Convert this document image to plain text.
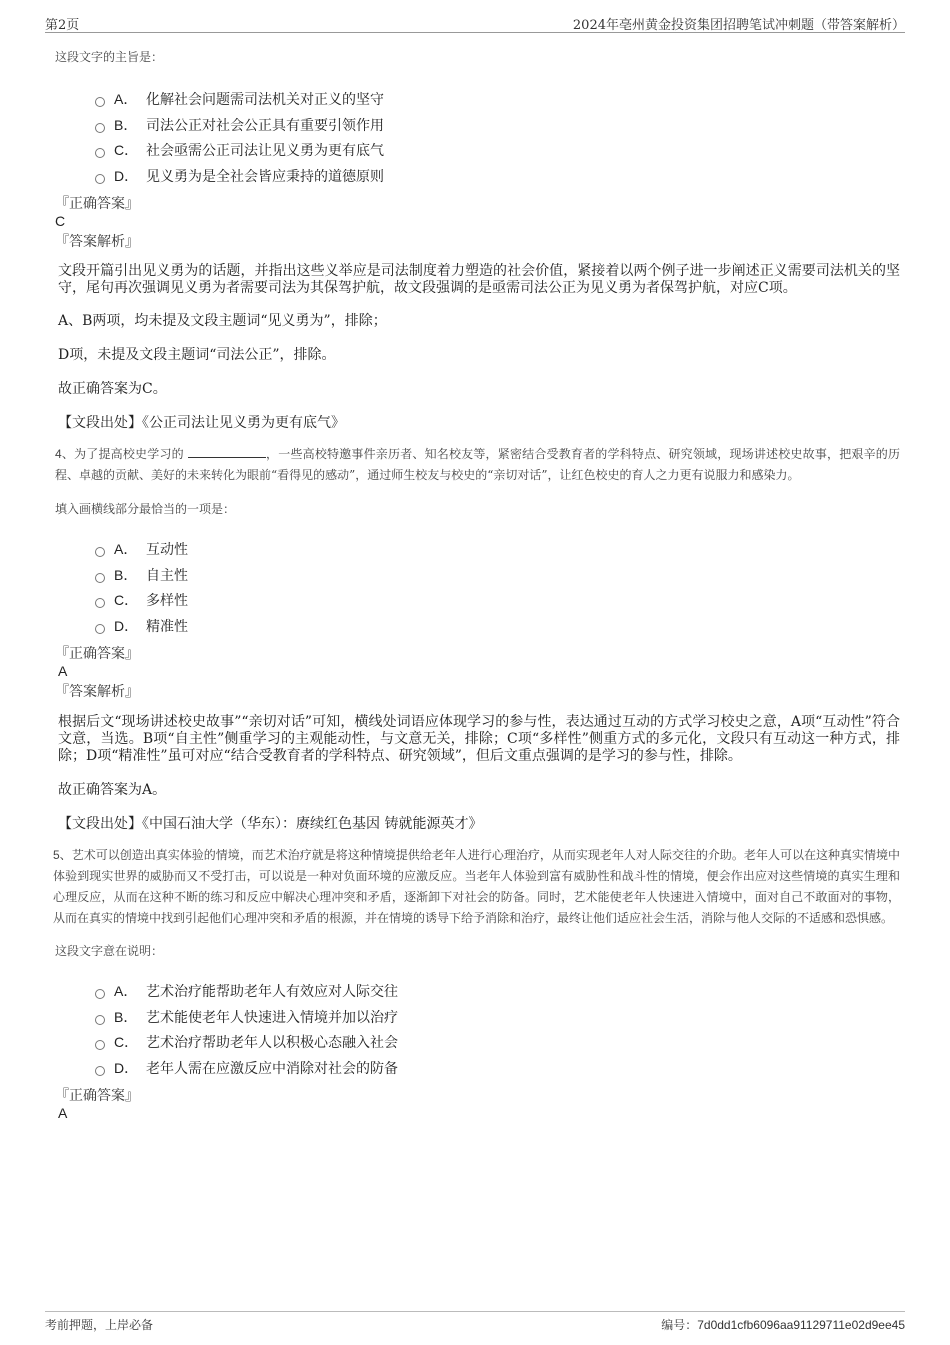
第2页	2024年亳州黄金投资集团招聘笔试冲刺题（带答案解析）

这段文字的主旨是：

A． 化解社会问题需司法机关对正义的坚守
B． 司法公正对社会公正具有重要引领作用
C． 社会亟需公正司法让见义勇为更有底气
D． 见义勇为是全社会皆应秉持的道德原则

『正确答案』

C

『答案解析』

文段开篇引出见义勇为的话题，并指出这些义举应是司法制度着力塑造的社会价值，紧接着以两个例子进一步阐述正义需要司法机关的坚守，尾句再次强调见义勇为者需要司法为其保驾护航，故文段强调的是亟需司法公正为见义勇为者保驾护航，对应C项。

A、B两项，均未提及文段主题词“见义勇为”，排除；

D项，未提及文段主题词“司法公正”，排除。

故正确答案为C。

【文段出处】《公正司法让见义勇为更有底气》

4、为了提高校史学习的	，一些高校特邀事件亲历者、知名校友等，紧密结合受教育者的学科特点、研究领域，现场讲述校史故事，把艰辛的历程、卓越的贡献、美好的未来转化为眼前“看得见的感动”，通过师生校友与校史的“亲切对话”，让红色校史的育人之力更有说服力和感染力。

填入画横线部分最恰当的一项是：

A． 互动性
B． 自主性
C． 多样性
D． 精准性

『正确答案』

A

『答案解析』

根据后文“现场讲述校史故事”“亲切对话”可知，横线处词语应体现学习的参与性，表达通过互动的方式学习校史之意，A项“互动性”符合文意，当选。B项“自主性”侧重学习的主观能动性，与文意无关，排除；C项“多样性”侧重方式的多元化，文段只有互动这一种方式，排除；D项“精准性”虽可对应“结合受教育者的学科特点、研究领域”，但后文重点强调的是学习的参与性，排除。

故正确答案为A。

【文段出处】《中国石油大学（华东）：赓续红色基因 铸就能源英才》

5、艺术可以创造出真实体验的情境，而艺术治疗就是将这种情境提供给老年人进行心理治疗，从而实现老年人对人际交往的介助。老年人可以在这种真实情境中体验到现实世界的威胁而又不受打击，可以说是一种对负面环境的应激反应。当老年人体验到富有威胁性和战斗性的情境，便会作出应对这些情境的真实生理和心理反应，从而在这种不断的练习和反应中解决心理冲突和矛盾，逐渐卸下对社会的防备。同时，艺术能使老年人快速进入情境中，面对自己不敢面对的事物，从而在真实的情境中找到引起他们心理冲突和矛盾的根源，并在情境的诱导下给予消除和治疗，最终让他们适应社会生活，消除与他人交际的不适感和恐惧感。

这段文字意在说明：

A． 艺术治疗能帮助老年人有效应对人际交往
B． 艺术能使老年人快速进入情境并加以治疗
C． 艺术治疗帮助老年人以积极心态融入社会
D． 老年人需在应激反应中消除对社会的防备

『正确答案』

A

考前押题，上岸必备	编号：7d0dd1cfb6096aa91129711e02d9ee45
